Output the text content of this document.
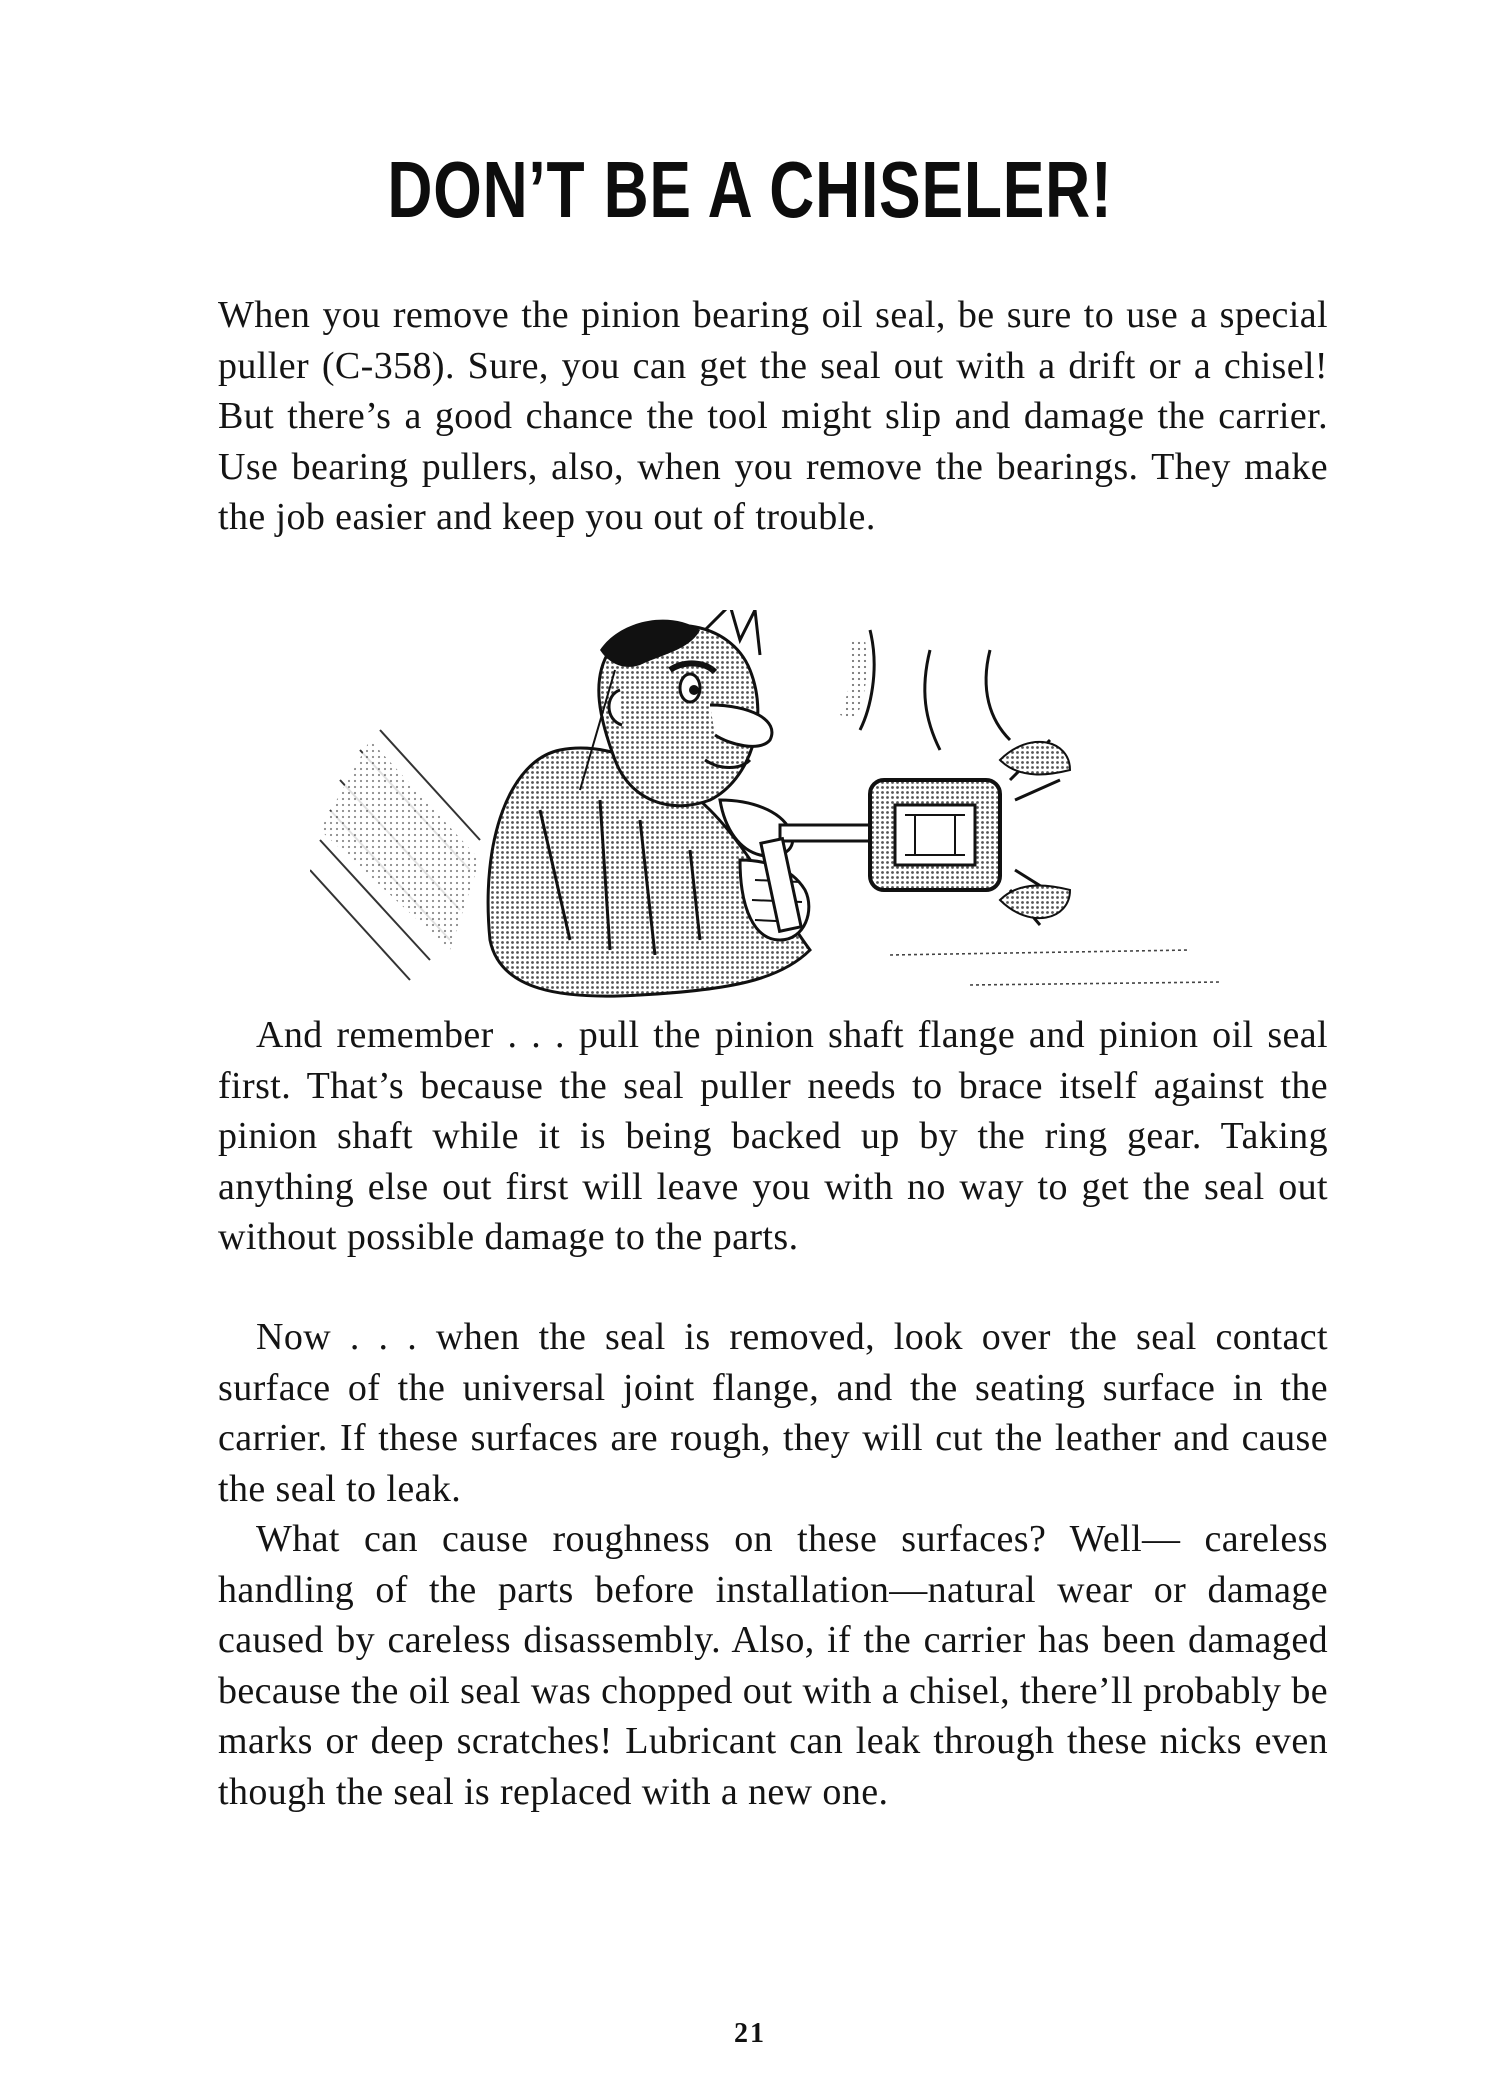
DON’T BE A CHISELER!

When you remove the pinion bearing oil seal, be sure to use a special puller (C-358). Sure, you can get the seal out with a drift or a chisel! But there’s a good chance the tool might slip and damage the carrier. Use bearing pullers, also, when you remove the bearings. They make the job easier and keep you out of trouble.

And remember . . . pull the pinion shaft flange and pinion oil seal first. That’s because the seal puller needs to brace itself against the pinion shaft while it is being backed up by the ring gear. Taking anything else out first will leave you with no way to get the seal out without possible damage to the parts.

Now . . . when the seal is removed, look over the seal contact surface of the universal joint flange, and the seating surface in the carrier. If these surfaces are rough, they will cut the leather and cause the seal to leak.

What can cause roughness on these surfaces? Well— careless handling of the parts before installation—natural wear or damage caused by careless disassembly. Also, if the carrier has been damaged because the oil seal was chopped out with a chisel, there’ll probably be marks or deep scratches! Lubricant can leak through these nicks even though the seal is replaced with a new one.

21
